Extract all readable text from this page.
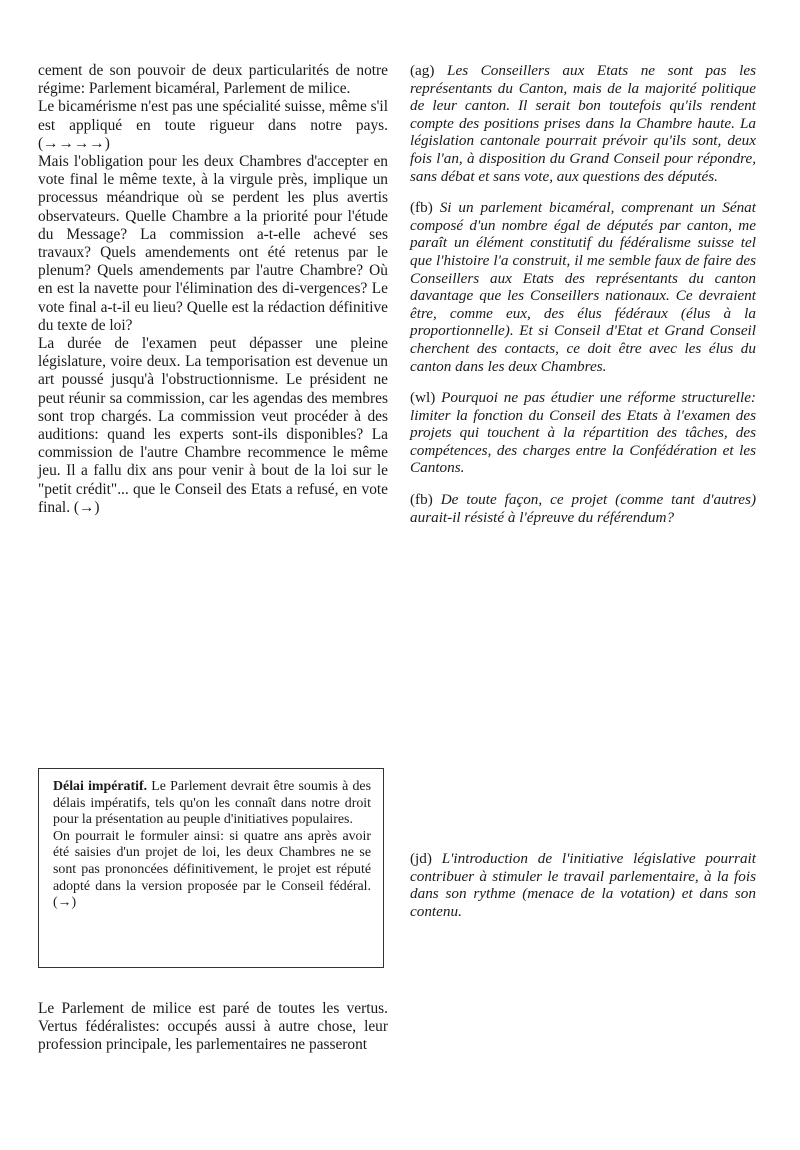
cement de son pouvoir de deux particularités de notre régime: Parlement bicaméral, Parlement de milice.

Le bicamérisme n'est pas une spécialité suisse, même s'il est appliqué en toute rigueur dans notre pays. (→→→→)

Mais l'obligation pour les deux Chambres d'accepter en vote final le même texte, à la virgule près, implique un processus méandrique où se perdent les plus avertis observateurs. Quelle Chambre a la priorité pour l'étude du Message? La commission a-t-elle achevé ses travaux? Quels amendements ont été retenus par le plenum? Quels amendements par l'autre Chambre? Où en est la navette pour l'élimination des di-vergences? Le vote final a-t-il eu lieu? Quelle est la rédaction définitive du texte de loi?

La durée de l'examen peut dépasser une pleine législature, voire deux. La temporisation est devenue un art poussé jusqu'à l'obstructionnisme. Le président ne peut réunir sa commission, car les agendas des membres sont trop chargés. La commission veut procéder à des auditions: quand les experts sont-ils disponibles? La commission de l'autre Chambre recommence le même jeu. Il a fallu dix ans pour venir à bout de la loi sur le "petit crédit"... que le Conseil des Etats a refusé, en vote final. (→)

Délai impératif. Le Parlement devrait être soumis à des délais impératifs, tels qu'on les connaît dans notre droit pour la présentation au peuple d'initiatives populaires.

On pourrait le formuler ainsi: si quatre ans après avoir été saisies d'un projet de loi, les deux Chambres ne se sont pas prononcées définitivement, le projet est réputé adopté dans la version proposée par le Conseil fédéral. (→)

Le Parlement de milice est paré de toutes les vertus. Vertus fédéralistes: occupés aussi à autre chose, leur profession principale, les parlementaires ne passeront

(ag) Les Conseillers aux Etats ne sont pas les représentants du Canton, mais de la majorité politique de leur canton. Il serait bon toutefois qu'ils rendent compte des positions prises dans la Chambre haute. La législation cantonale pourrait prévoir qu'ils sont, deux fois l'an, à disposition du Grand Conseil pour répondre, sans débat et sans vote, aux questions des députés.
(fb) Si un parlement bicaméral, comprenant un Sénat composé d'un nombre égal de députés par canton, me paraît un élément constitutif du fédéralisme suisse tel que l'histoire l'a construit, il me semble faux de faire des Conseillers aux Etats des représentants du canton davantage que les Conseillers nationaux. Ce devraient être, comme eux, des élus fédéraux (élus à la proportionnelle). Et si Conseil d'Etat et Grand Conseil cherchent des contacts, ce doit être avec les élus du canton dans les deux Chambres.
(wl) Pourquoi ne pas étudier une réforme structurelle: limiter la fonction du Conseil des Etats à l'examen des projets qui touchent à la répartition des tâches, des compétences, des charges entre la Confédération et les Cantons.
(fb) De toute façon, ce projet (comme tant d'autres) aurait-il résisté à l'épreuve du référendum?
(jd) L'introduction de l'initiative législative pourrait contribuer à stimuler le travail parlementaire, à la fois dans son rythme (menace de la votation) et dans son contenu.
